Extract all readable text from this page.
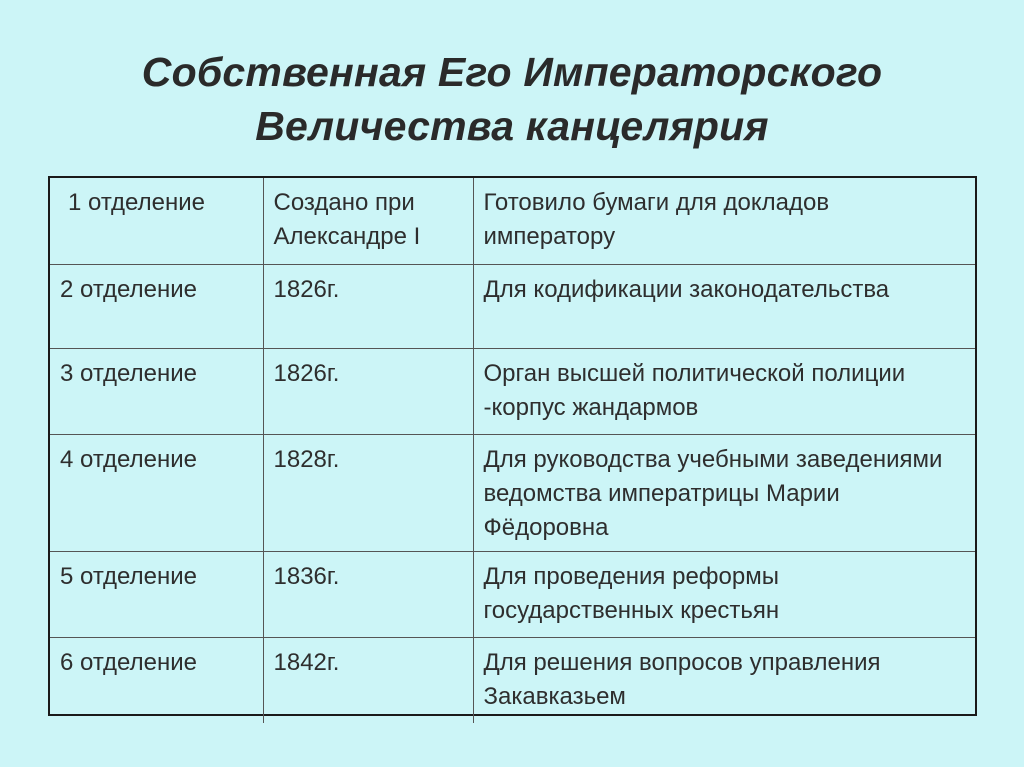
Собственная Его Императорского
Величества канцелярия
1 отделение	Создано при Александре I	Готовило бумаги для докладов императору
2 отделение	1826г.	Для кодификации законодательства
3 отделение	1826г.	Орган высшей политической полиции -корпус жандармов
4 отделение	1828г.	Для руководства учебными заведениями ведомства императрицы Марии Фёдоровна
5 отделение	1836г.	Для проведения реформы государственных крестьян
6 отделение	1842г.	Для решения вопросов управления Закавказьем
